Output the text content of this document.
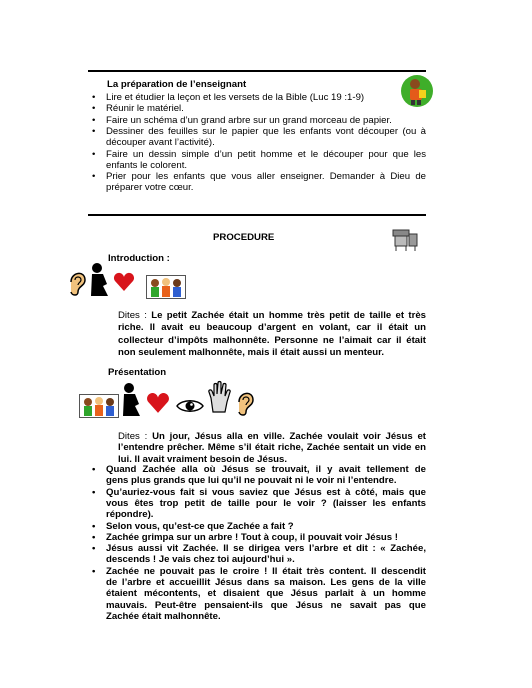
La préparation de l’enseignant
• Lire et étudier la leçon et les versets de la Bible (Luc 19 :1-9)
• Réunir le matériel.
• Faire un schéma d’un grand arbre sur un grand morceau de papier.
• Dessiner des feuilles sur le papier que les enfants vont découper (ou à
découper avant l’activité).
• Faire un dessin simple d’un petit homme et le découper pour que les
enfants le colorent.
• Prier pour les enfants que vous aller enseigner. Demander à Dieu de
préparer votre cœur.
PROCEDURE
Introduction :
Dites : Le petit Zachée était un homme très petit de taille et très
riche. Il avait eu beaucoup d’argent en volant, car il était un
collecteur d’impôts malhonnête. Personne ne l’aimait car il était
non seulement malhonnête, mais il était aussi un menteur.
Présentation
Dites : Un jour, Jésus alla en ville. Zachée voulait voir Jésus et
l’entendre prêcher. Même s’il était riche, Zachée sentait un vide en
lui. Il avait vraiment besoin de Jésus.
• Quand Zachée alla où Jésus se trouvait, il y avait tellement de
gens plus grands que lui qu’il ne pouvait ni le voir ni l’entendre.
• Qu’auriez-vous fait si vous saviez que Jésus est à côté, mais que
vous êtes trop petit de taille pour le voir ? (laisser les enfants
répondre).
• Selon vous, qu’est-ce que Zachée a fait ?
• Zachée grimpa sur un arbre ! Tout à coup, il pouvait voir Jésus !
• Jésus aussi vit Zachée. Il se dirigea vers l’arbre et dit : « Zachée,
descends ! Je vais chez toi aujourd’hui ».
• Zachée ne pouvait pas le croire ! Il était très content. Il descendit
de l’arbre et accueillit Jésus dans sa maison. Les gens de la ville
étaient mécontents, et disaient que Jésus parlait à un homme
mauvais. Peut-être pensaient-ils que Jésus ne savait pas que
Zachée était malhonnête.
